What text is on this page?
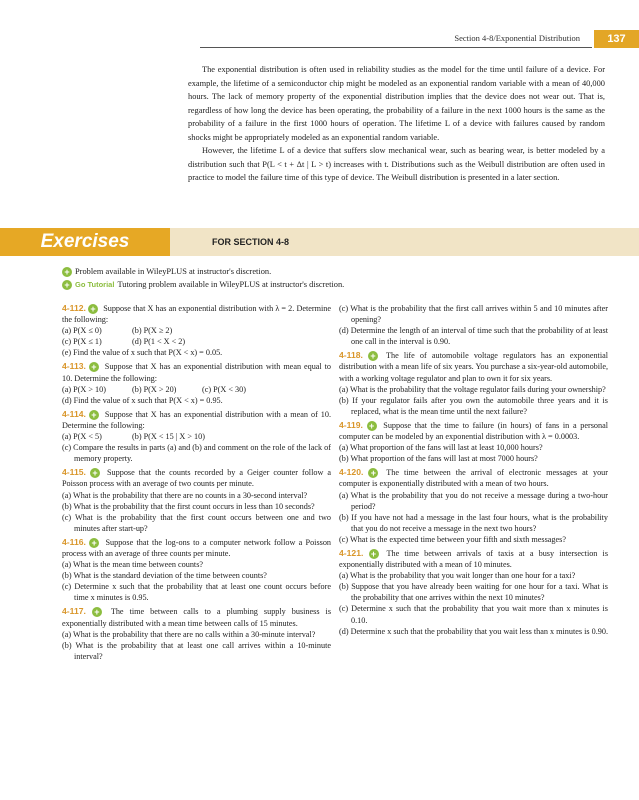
Section 4-8/Exponential Distribution	137

The exponential distribution is often used in reliability studies as the model for the time until failure of a device. For example, the lifetime of a semiconductor chip might be modeled as an exponential random variable with a mean of 40,000 hours. The lack of memory property of the exponential distribution implies that the device does not wear out. That is, regardless of how long the device has been operating, the probability of a failure in the next 1000 hours is the same as the probability of a failure in the first 1000 hours of operation. The lifetime L of a device with failures caused by random shocks might be appropriately modeled as an exponential random variable.

However, the lifetime L of a device that suffers slow mechanical wear, such as bearing wear, is better modeled by a distribution such that P(L < t + Δt | L > t) increases with t. Distributions such as the Weibull distribution are often used in practice to model the failure time of this type of device. The Weibull distribution is presented in a later section.

Exercises	FOR SECTION 4-8
+ Problem available in WileyPLUS at instructor's discretion.
+ Go Tutorial Tutoring problem available in WileyPLUS at instructor's discretion.
4-112. + Suppose that X has an exponential distribution with λ = 2. Determine the following:
(a) P(X ≤ 0)	(b) P(X ≥ 2)
(c) P(X ≤ 1)	(d) P(1 < X < 2)

(e) Find the value of x such that P(X < x) = 0.05.

4-113. + Suppose that X has an exponential distribution with mean equal to 10. Determine the following:
(a) P(X > 10)	(b) P(X > 20)	(c) P(X < 30)

(d) Find the value of x such that P(X < x) = 0.95.

4-114. + Suppose that X has an exponential distribution with a mean of 10. Determine the following:
(a) P(X < 5)	(b) P(X < 15 | X > 10)

(c) Compare the results in parts (a) and (b) and comment on the role of the lack of memory property.

4-115. + Suppose that the counts recorded by a Geiger counter follow a Poisson process with an average of two counts per minute.

(a) What is the probability that there are no counts in a 30-second interval?

(b) What is the probability that the first count occurs in less than 10 seconds?

(c) What is the probability that the first count occurs between one and two minutes after start-up?

4-116. + Suppose that the log-ons to a computer network follow a Poisson process with an average of three counts per minute.

(a) What is the mean time between counts?

(b) What is the standard deviation of the time between counts?

(c) Determine x such that the probability that at least one count occurs before time x minutes is 0.95.

4-117. + The time between calls to a plumbing supply business is exponentially distributed with a mean time between calls of 15 minutes.

(a) What is the probability that there are no calls within a 30-minute interval?

(b) What is the probability that at least one call arrives within a 10-minute interval?

(c) What is the probability that the first call arrives within 5 and 10 minutes after opening?

(d) Determine the length of an interval of time such that the probability of at least one call in the interval is 0.90.

4-118. + The life of automobile voltage regulators has an exponential distribution with a mean life of six years. You purchase a six-year-old automobile, with a working voltage regulator and plan to own it for six years.

(a) What is the probability that the voltage regulator fails during your ownership?

(b) If your regulator fails after you own the automobile three years and it is replaced, what is the mean time until the next failure?

4-119. + Suppose that the time to failure (in hours) of fans in a personal computer can be modeled by an exponential distribution with λ = 0.0003.

(a) What proportion of the fans will last at least 10,000 hours?

(b) What proportion of the fans will last at most 7000 hours?

4-120. + The time between the arrival of electronic messages at your computer is exponentially distributed with a mean of two hours.

(a) What is the probability that you do not receive a message during a two-hour period?

(b) If you have not had a message in the last four hours, what is the probability that you do not receive a message in the next two hours?

(c) What is the expected time between your fifth and sixth messages?

4-121. + The time between arrivals of taxis at a busy intersection is exponentially distributed with a mean of 10 minutes.

(a) What is the probability that you wait longer than one hour for a taxi?

(b) Suppose that you have already been waiting for one hour for a taxi. What is the probability that one arrives within the next 10 minutes?

(c) Determine x such that the probability that you wait more than x minutes is 0.10.

(d) Determine x such that the probability that you wait less than x minutes is 0.90.
